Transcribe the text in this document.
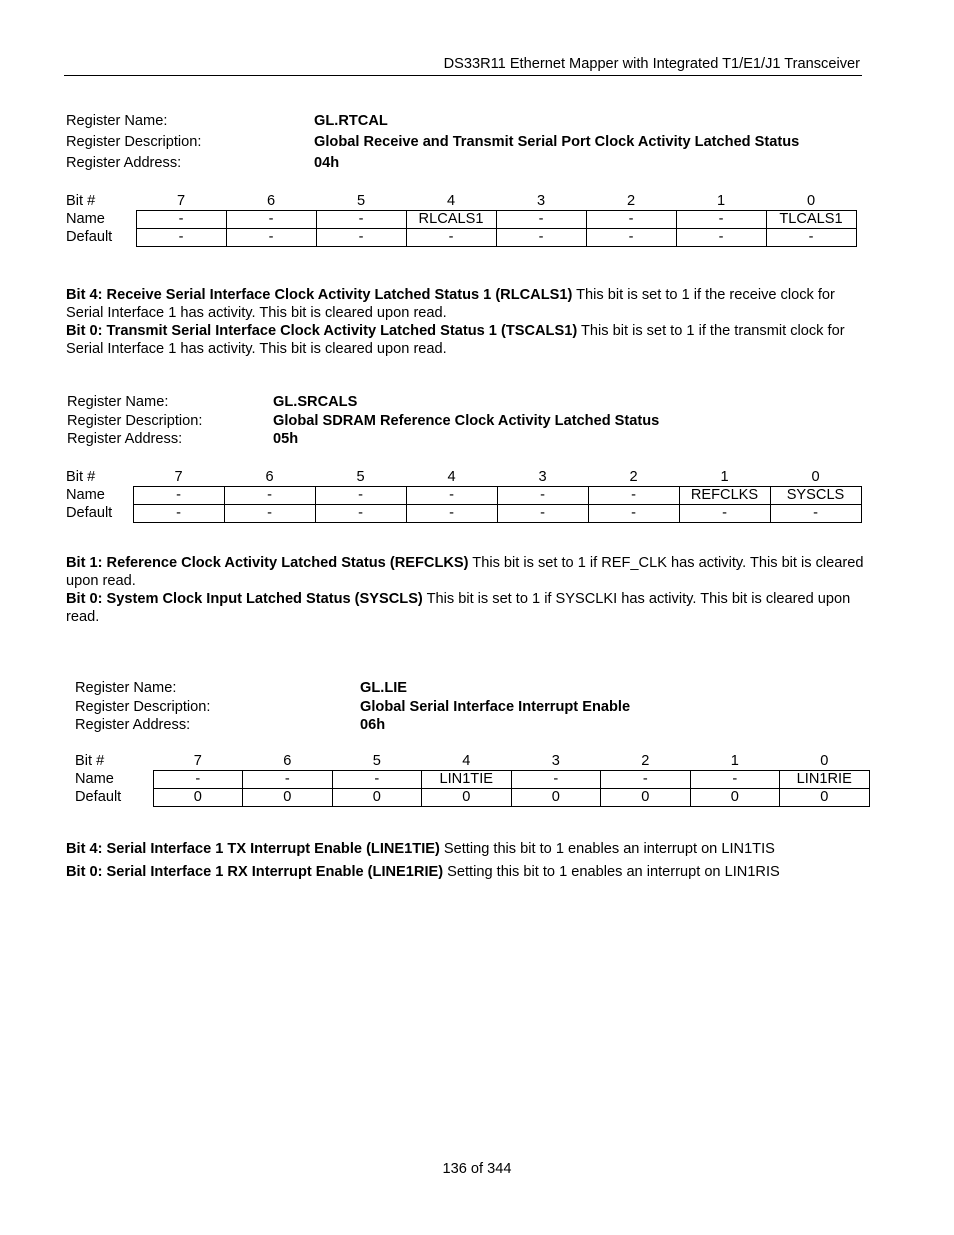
DS33R11 Ethernet Mapper with Integrated T1/E1/J1 Transceiver
Register Name:	GL.RTCAL
Register Description:	Global Receive and Transmit Serial Port Clock Activity Latched Status
Register Address:	04h
Bit #	7	6	5	4	3	2	1	0
Name	-	-	-	RLCALS1	-	-	-	TLCALS1
Default	-	-	-	-	-	-	-	-
Bit 4: Receive Serial Interface Clock Activity Latched Status 1 (RLCALS1) This bit is set to 1 if the receive clock for Serial Interface 1 has activity. This bit is cleared upon read.
Bit 0: Transmit Serial Interface Clock Activity Latched Status 1 (TSCALS1) This bit is set to 1 if the transmit clock for Serial Interface 1 has activity. This bit is cleared upon read.
Register Name:	GL.SRCALS
Register Description:	Global SDRAM Reference Clock Activity Latched Status
Register Address:	05h
Bit #	7	6	5	4	3	2	1	0
Name	-	-	-	-	-	-	REFCLKS	SYSCLS
Default	-	-	-	-	-	-	-	-
Bit 1: Reference Clock Activity Latched Status (REFCLKS) This bit is set to 1 if REF_CLK has activity. This bit is cleared upon read.
Bit 0: System Clock Input Latched Status (SYSCLS) This bit is set to 1 if SYSCLKI has activity. This bit is cleared upon read.
Register Name:	GL.LIE
Register Description:	Global Serial Interface Interrupt Enable
Register Address:	06h
Bit #	7	6	5	4	3	2	1	0
Name	-	-	-	LIN1TIE	-	-	-	LIN1RIE
Default	0	0	0	0	0	0	0	0
Bit 4: Serial Interface 1 TX Interrupt Enable (LINE1TIE) Setting this bit to 1 enables an interrupt on LIN1TIS
Bit 0: Serial Interface 1 RX Interrupt Enable (LINE1RIE) Setting this bit to 1 enables an interrupt on LIN1RIS
136 of 344
